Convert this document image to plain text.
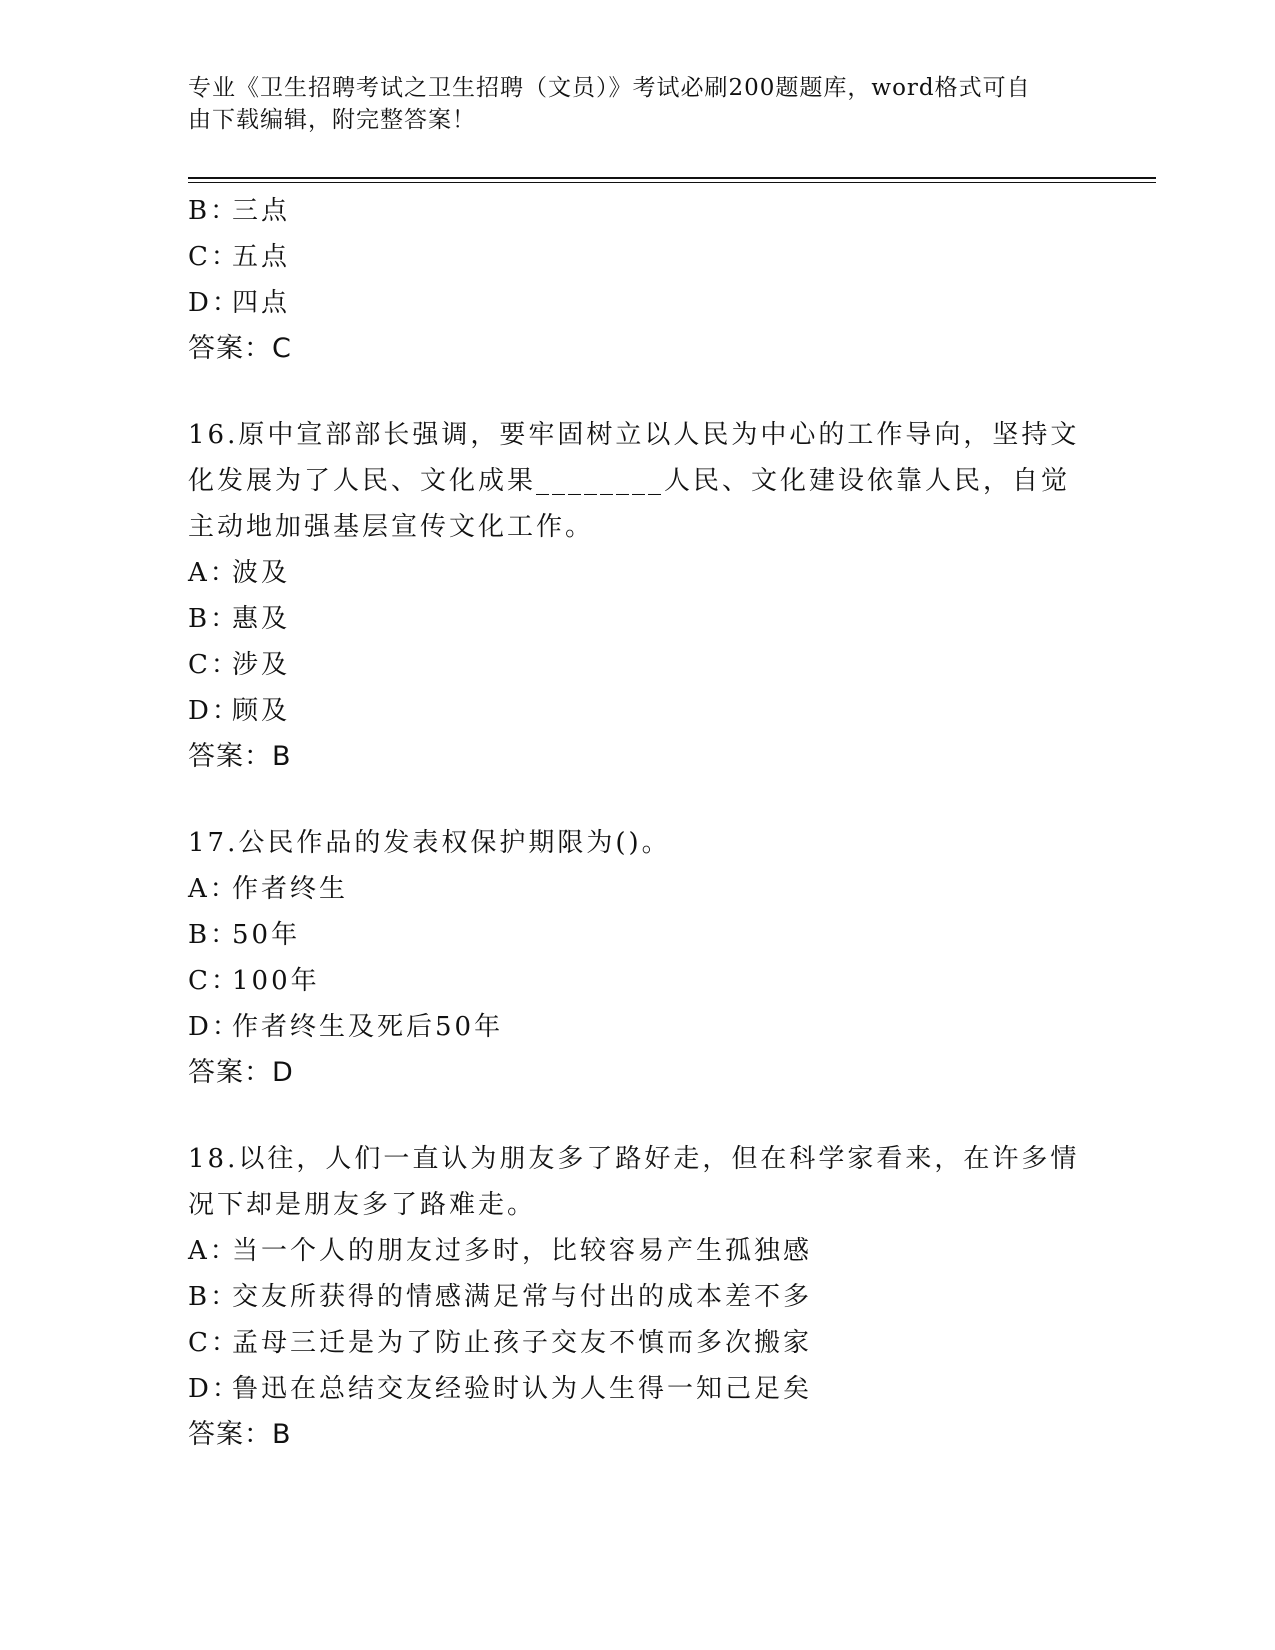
专业《卫生招聘考试之卫生招聘（文员）》考试必刷200题题库，word格式可自
由下载编辑，附完整答案！
B：
三点
C：
五点
D：
四点
答案：C
16.原中宣部部长强调，要牢固树立以人民为中心的工作导向，坚持文
化发展为了人民、文化成果________人民、文化建设依靠人民，自觉
主动地加强基层宣传文化工作。
A：
波及
B：
惠及
C：
涉及
D：
顾及
答案：B
17.公民作品的发表权保护期限为()。
A：
作者终生
B：
50年
C：
100年
D：
作者终生及死后50年
答案：D
18.以往，人们一直认为朋友多了路好走，但在科学家看来，在许多情
况下却是朋友多了路难走。
A：
当一个人的朋友过多时，比较容易产生孤独感
B：
交友所获得的情感满足常与付出的成本差不多
C：
孟母三迁是为了防止孩子交友不慎而多次搬家
D：
鲁迅在总结交友经验时认为人生得一知己足矣
答案：B
